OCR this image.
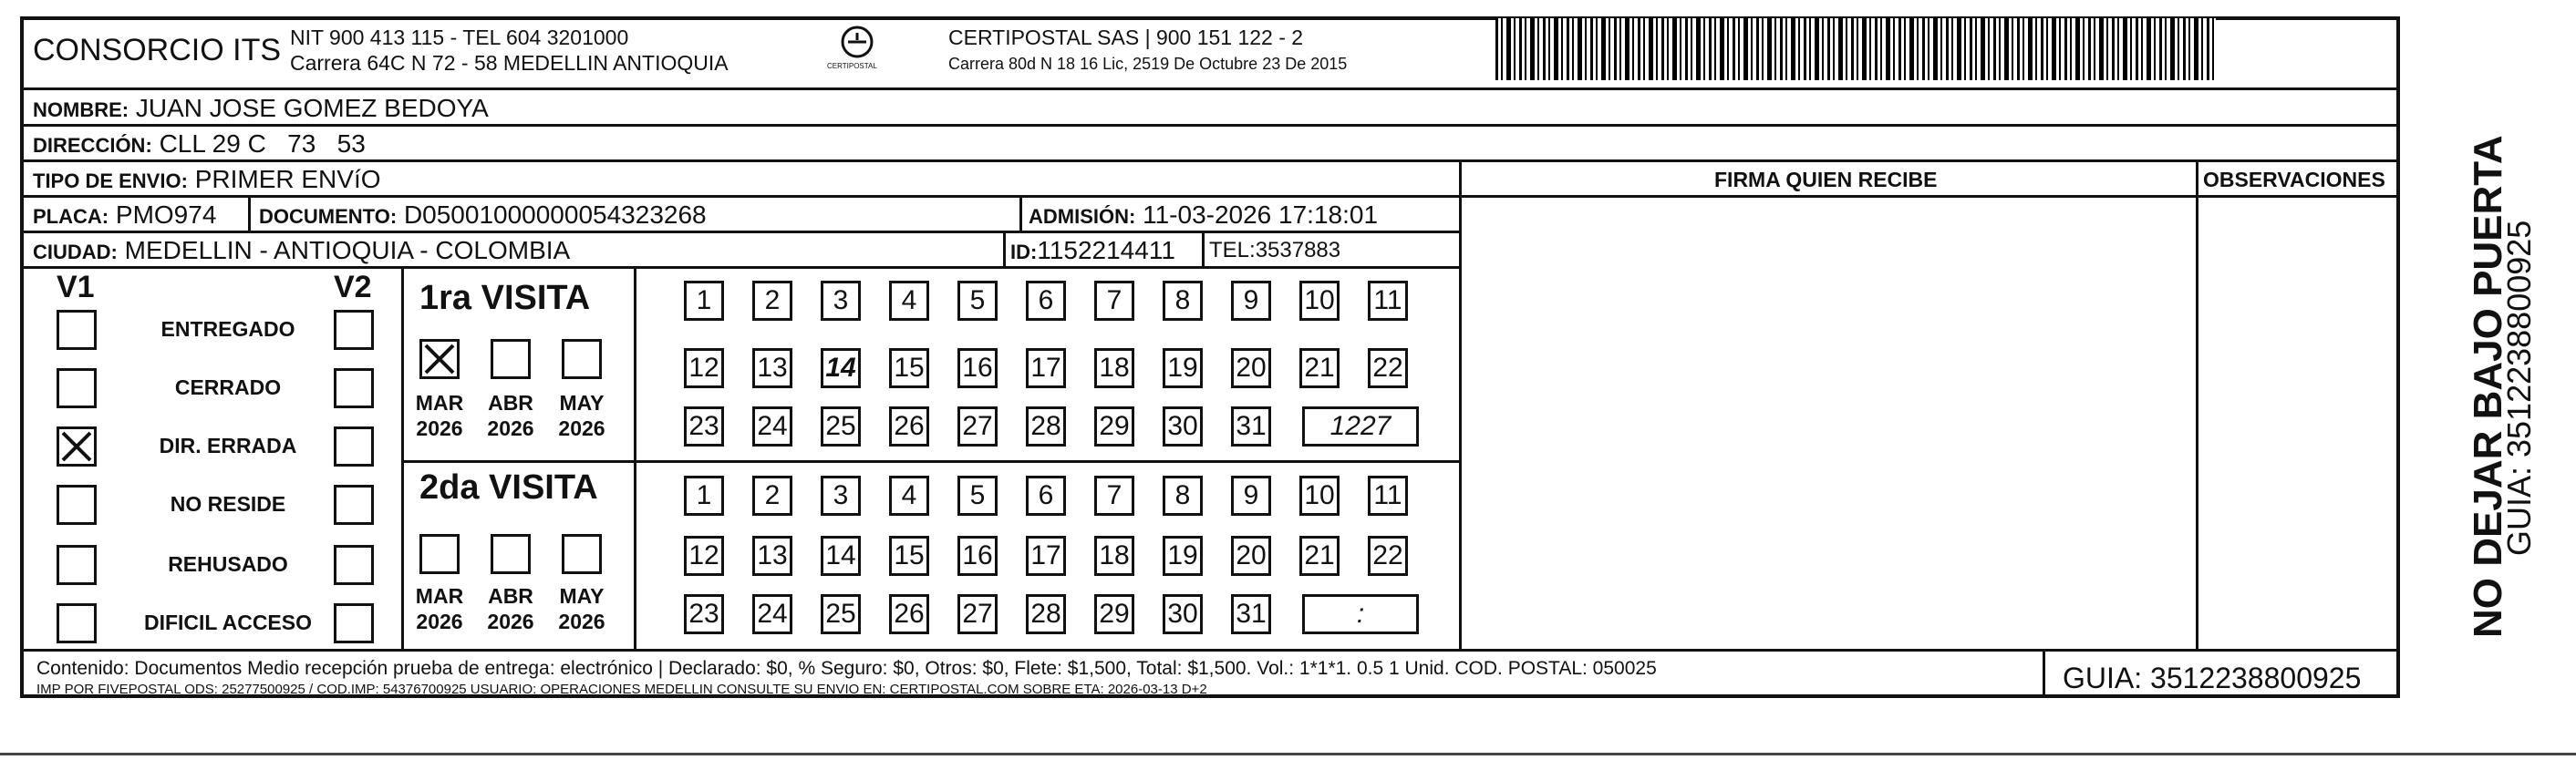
CONSORCIO ITS NIT 900 413 115 - TEL 604 3201000
Carrera 64C N 72 - 58 MEDELLIN ANTIOQUIA	CERTIPOSTAL
CERTIPOSTAL SAS | 900 151 122 - 2
Carrera 80d N 18 16 Lic, 2519 De Octubre 23 De 2015
NOMBRE: JUAN JOSE GOMEZ BEDOYA
DIRECCIÓN: CLL 29 C   73   53
TIPO DE ENVIO: PRIMER ENVíO
PLACA: PMO974 DOCUMENTO: D05001000000054323268	ADMISIÓN: 11-03-2026 17:18:01
CIUDAD: MEDELLIN - ANTIOQUIA - COLOMBIA	ID:1152214411 TEL:3537883
FIRMA QUIEN RECIBE	OBSERVACIONES
V1	V2
ENTREGADO
CERRADO
DIR. ERRADA
NO RESIDE
REHUSADO
DIFICIL ACCESO
1ra VISITA
2da VISITA
MAR
2026
ABR
2026
MAY
2026
MAR
2026
ABR
2026
MAY
2026
1	2	3	4	5	6	7	8	9	10 11
12 13 14 15 16 17 18 19 20 21 22
23 24 25 26 27 28 29 30 31	1227
1	2	3	4	5	6	7	8	9	10 11
12 13 14 15 16 17 18 19 20 21 22
23 24 25 26 27 28 29 30 31	:
Contenido: Documentos Medio recepción prueba de entrega: electrónico | Declarado: $0, % Seguro: $0, Otros: $0, Flete: $1,500, Total: $1,500. Vol.: 1*1*1. 0.5 1 Unid. COD. POSTAL: 050025
IMP POR FIVEPOSTAL ODS: 25277500925 / COD.IMP: 54376700925 USUARIO: OPERACIONES MEDELLIN CONSULTE SU ENVIO EN: CERTIPOSTAL.COM SOBRE ETA: 2026-03-13 D+2	GUIA: 3512238800925
NO DEJAR BAJO PUERTA
GUIA: 3512238800925
